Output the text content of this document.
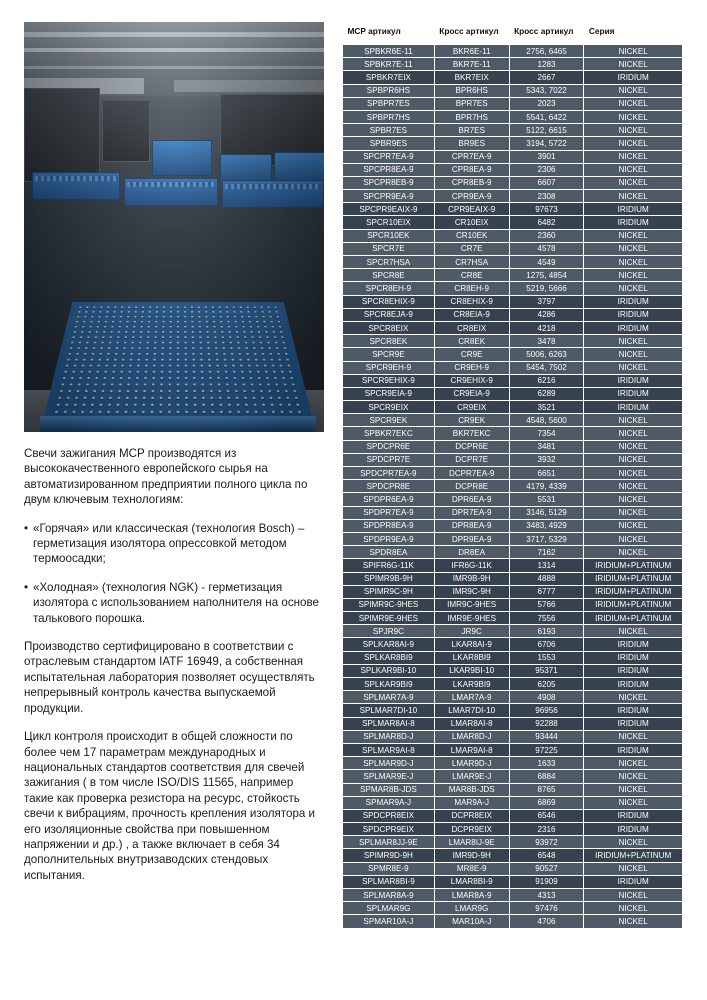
Свечи зажигания MCP производятся из высококачественного европейского сырья на автоматизированном предприятии полного цикла по двум ключевым технологиям:

• «Горячая» или классическая (технология Bosch) – герметизация изолятора опрессовкой методом термоосадки;
• «Холодная» (технология NGK) - герметизация изолятора с использованием наполнителя на основе талькового порошка.

Производство сертифицировано в соответствии с отраслевым стандартом IATF 16949, а собственная испытательная лаборатория позволяет осуществлять непрерывный контроль качества выпускаемой продукции.

Цикл контроля происходит в общей сложности по более чем 17 параметрам международных и национальных стандартов соответствия для свечей зажигания ( в том числе ISO/DIS 11565, например такие как проверка резистора на ресурс, стойкость свечи к вибрациям, прочность крепления изолятора и его изоляционные свойства при повышенном напряжении и др.) , а также включает в себя 34 дополнительных внутризаводских стендовых испытания.

MCP артикул	Кросс артикул	Кросс артикул	Серия
SPBKR6E-11	BKR6E-11	2756, 6465	NICKEL
SPBKR7E-11	BKR7E-11	1283	NICKEL
SPBKR7EIX	BKR7EIX	2667	IRIDIUM
SPBPR6HS	BPR6HS	5343, 7022	NICKEL
SPBPR7ES	BPR7ES	2023	NICKEL
SPBPR7HS	BPR7HS	5541, 6422	NICKEL
SPBR7ES	BR7ES	5122, 6615	NICKEL
SPBR9ES	BR9ES	3194, 5722	NICKEL
SPCPR7EA-9	CPR7EA-9	3901	NICKEL
SPCPR8EA-9	CPR8EA-9	2306	NICKEL
SPCPR8EB-9	CPR8EB-9	6607	NICKEL
SPCPR9EA-9	CPR9EA-9	2308	NICKEL
SPCPR9EAIX-9	CPR9EAIX-9	97673	IRIDIUM
SPCR10EIX	CR10EIX	6482	IRIDIUM
SPCR10EK	CR10EK	2360	NICKEL
SPCR7E	CR7E	4578	NICKEL
SPCR7HSA	CR7HSA	4549	NICKEL
SPCR8E	CR8E	1275, 4854	NICKEL
SPCR8EH-9	CR8EH-9	5219, 5666	NICKEL
SPCR8EHIX-9	CR8EHIX-9	3797	IRIDIUM
SPCR8EJA-9	CR8EIA-9	4286	IRIDIUM
SPCR8EIX	CR8EIX	4218	IRIDIUM
SPCR8EK	CR8EK	3478	NICKEL
SPCR9E	CR9E	5006, 6263	NICKEL
SPCR9EH-9	CR9EH-9	5454, 7502	NICKEL
SPCR9EHIX-9	CR9EHIX-9	6216	IRIDIUM
SPCR9EIA-9	CR9EIA-9	6289	IRIDIUM
SPCR9EIX	CR9EIX	3521	IRIDIUM
SPCR9EK	CR9EK	4548, 5600	NICKEL
SPBKR7EKC	BKR7EKC	7354	NICKEL
SPDCPR6E	DCPR6E	3481	NICKEL
SPDCPR7E	DCPR7E	3932	NICKEL
SPDCPR7EA-9	DCPR7EA-9	6651	NICKEL
SPDCPR8E	DCPR8E	4179, 4339	NICKEL
SPDPR6EA-9	DPR6EA-9	5531	NICKEL
SPDPR7EA-9	DPR7EA-9	3146, 5129	NICKEL
SPDPR8EA-9	DPR8EA-9	3483, 4929	NICKEL
SPDPR9EA-9	DPR9EA-9	3717, 5329	NICKEL
SPDR8EA	DR8EA	7162	NICKEL
SPIFR6G-11K	IFR6G-11K	1314	IRIDIUM+PLATINUM
SPIMR9B-9H	IMR9B-9H	4888	IRIDIUM+PLATINUM
SPIMR9C-9H	IMR9C-9H	6777	IRIDIUM+PLATINUM
SPIMR9C-9HES	IMR9C-9HES	5766	IRIDIUM+PLATINUM
SPIMR9E-9HES	IMR9E-9HES	7556	IRIDIUM+PLATINUM
SPJR9C	JR9C	6193	NICKEL
SPLKAR8AI-9	LKAR8AI-9	6706	IRIDIUM
SPLKAR8BI9	LKAR8BI9	1553	IRIDIUM
SPLKAR9BI-10	LKAR9BI-10	95371	IRIDIUM
SPLKAR9BI9	LKAR9BI9	6205	IRIDIUM
SPLMAR7A-9	LMAR7A-9	4908	NICKEL
SPLMAR7DI-10	LMAR7DI-10	96956	IRIDIUM
SPLMAR8AI-8	LMAR8AI-8	92288	IRIDIUM
SPLMAR8D-J	LMAR8D-J	93444	NICKEL
SPLMAR9AI-8	LMAR9AI-8	97225	IRIDIUM
SPLMAR9D-J	LMAR9D-J	1633	NICKEL
SPLMAR9E-J	LMAR9E-J	6884	NICKEL
SPMAR8B-JDS	MAR8B-JDS	8765	NICKEL
SPMAR9A-J	MAR9A-J	6869	NICKEL
SPDCPR8EIX	DCPR8EIX	6546	IRIDIUM
SPDCPR9EIX	DCPR9EIX	2316	IRIDIUM
SPLMAR8JJ-9E	LMAR8IJ-9E	93972	NICKEL
SPIMR9D-9H	IMR9D-9H	6548	IRIDIUM+PLATINUM
SPMR8E-9	MR8E-9	90527	NICKEL
SPLMAR8BI-9	LMAR8BI-9	91909	IRIDIUM
SPLMAR8A-9	LMAR8A-9	4313	NICKEL
SPLMAR9G	LMAR9G	97476	NICKEL
SPMAR10A-J	MAR10A-J	4706	NICKEL
